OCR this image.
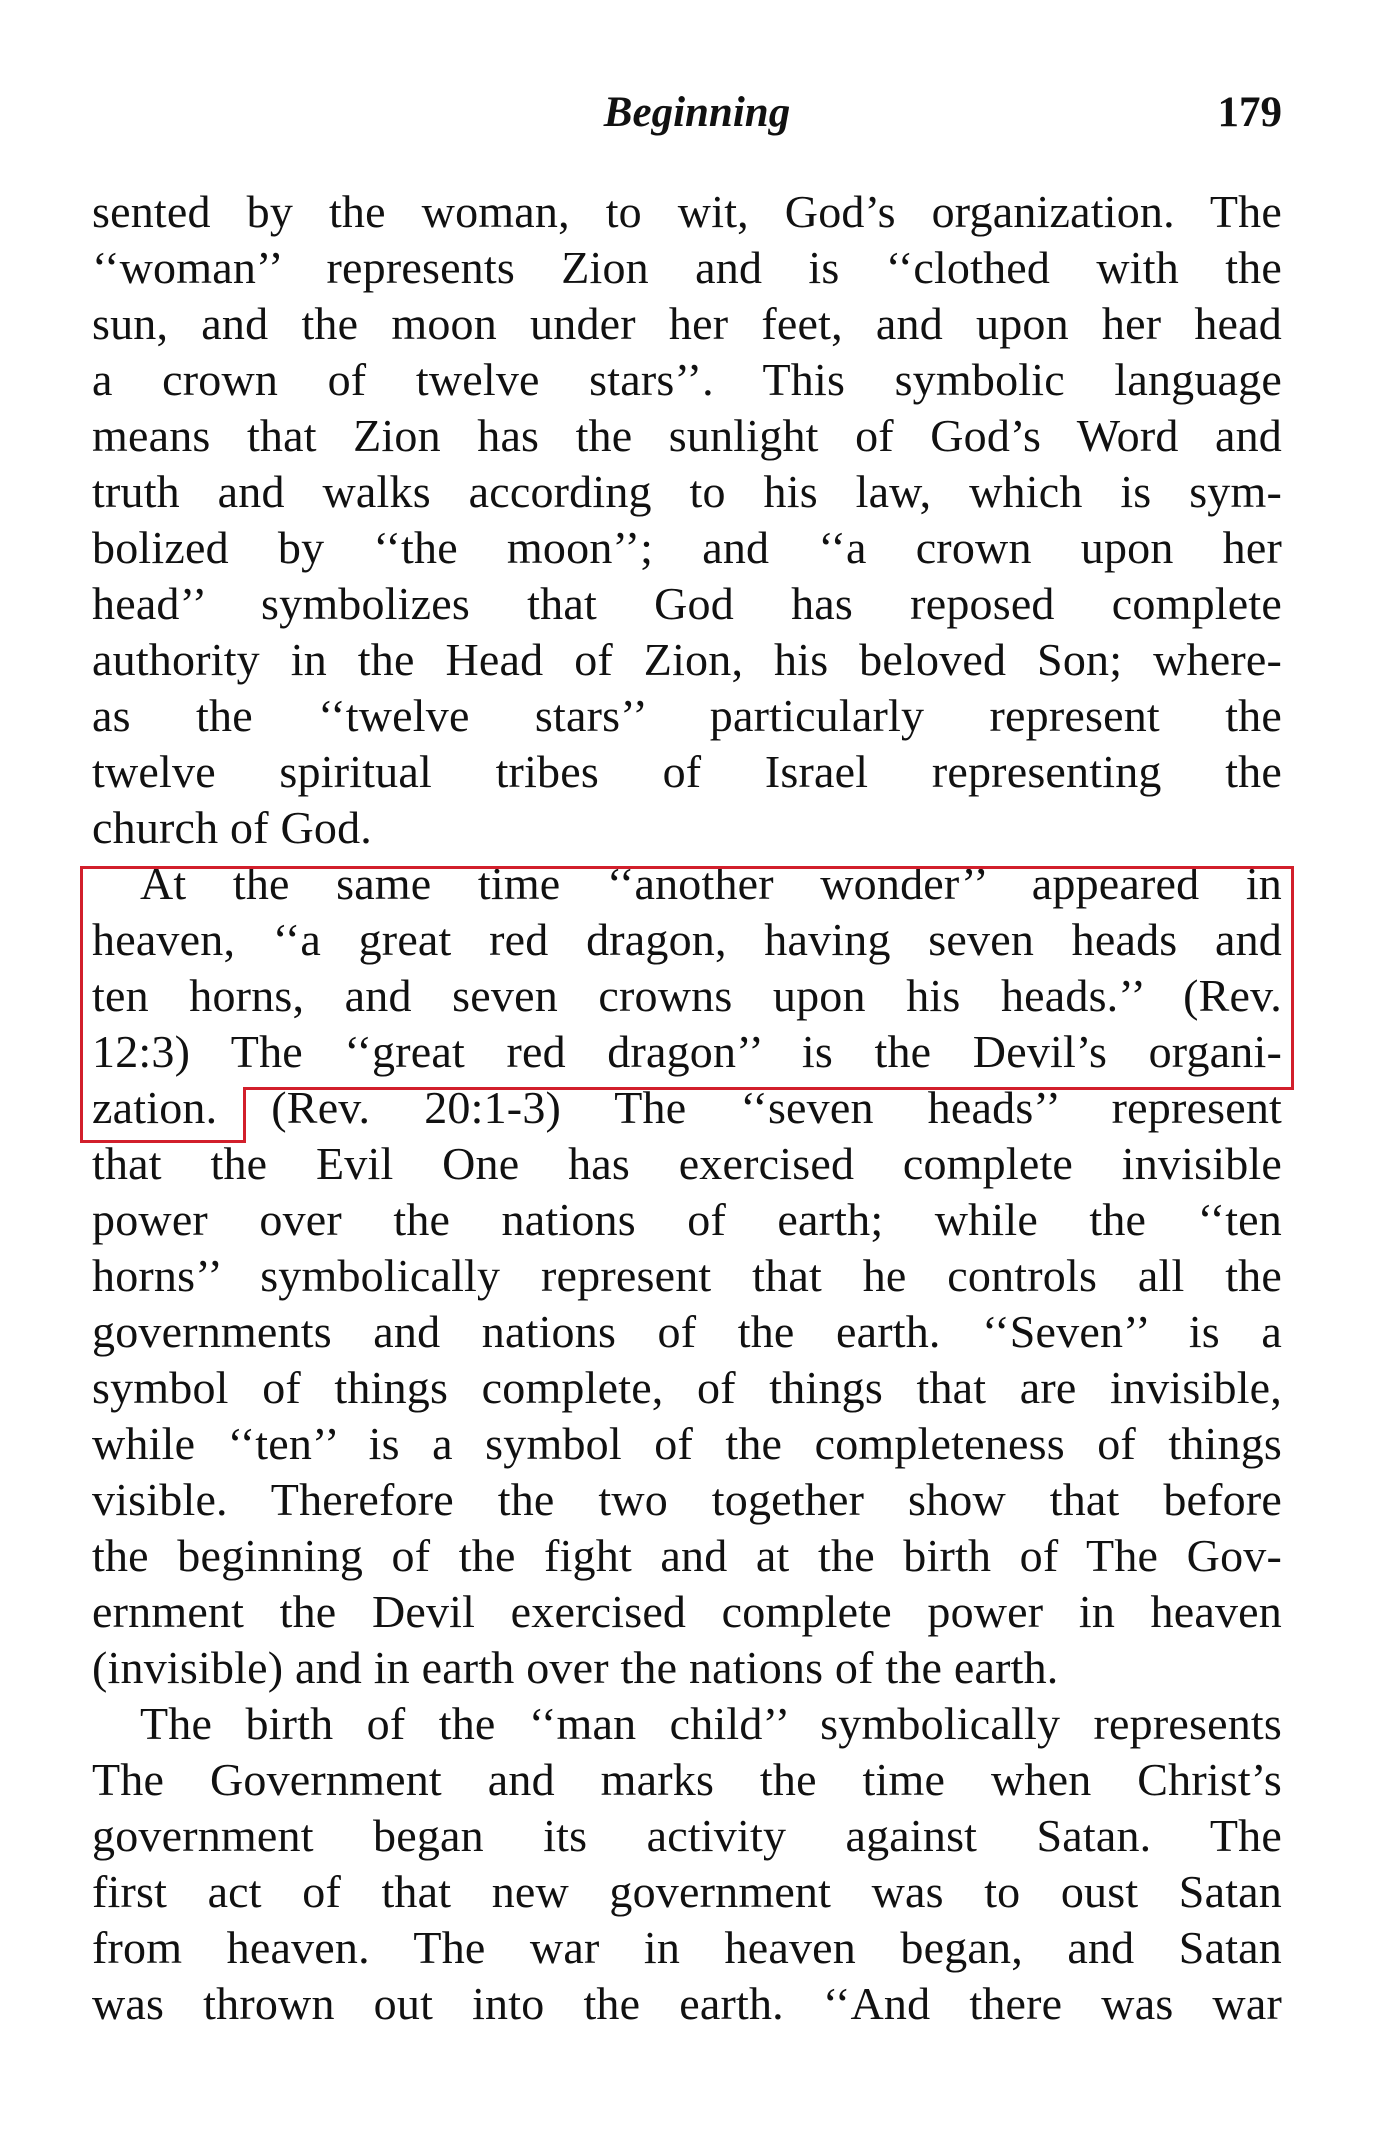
Beginning	179
sented by the woman, to wit, God’s organization. The
‘‘woman’’ represents Zion and is ‘‘clothed with the
sun, and the moon under her feet, and upon her head
a crown of twelve stars’’. This symbolic language
means that Zion has the sunlight of God’s Word and
truth and walks according to his law, which is sym-
bolized by ‘‘the moon’’; and ‘‘a crown upon her
head’’ symbolizes that God has reposed complete
authority in the Head of Zion, his beloved Son; where-
as the ‘‘twelve stars’’ particularly represent the
twelve spiritual tribes of Israel representing the
church of God.
At the same time ‘‘another wonder’’ appeared in
heaven, ‘‘a great red dragon, having seven heads and
ten horns, and seven crowns upon his heads.’’ (Rev.
12:3) The ‘‘great red dragon’’ is the Devil’s organi-
zation. (Rev. 20:1-3) The ‘‘seven heads’’ represent
that the Evil One has exercised complete invisible
power over the nations of earth; while the ‘‘ten
horns’’ symbolically represent that he controls all the
governments and nations of the earth. ‘‘Seven’’ is a
symbol of things complete, of things that are invisible,
while ‘‘ten’’ is a symbol of the completeness of things
visible. Therefore the two together show that before
the beginning of the fight and at the birth of The Gov-
ernment the Devil exercised complete power in heaven
(invisible) and in earth over the nations of the earth.
The birth of the ‘‘man child’’ symbolically represents
The Government and marks the time when Christ’s
government began its activity against Satan. The
first act of that new government was to oust Satan
from heaven. The war in heaven began, and Satan
was thrown out into the earth. ‘‘And there was war
